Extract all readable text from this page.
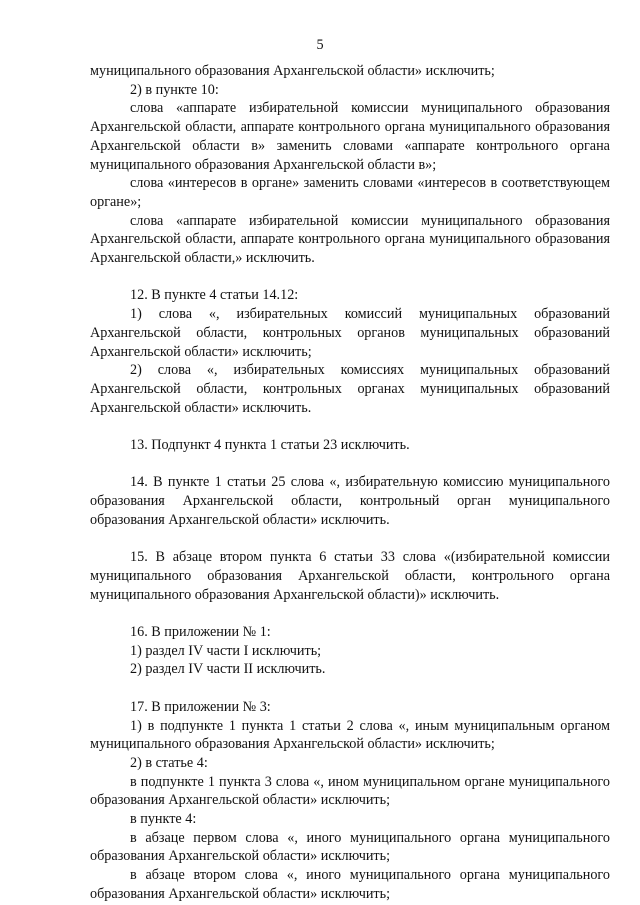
5

муниципального образования Архангельской области» исключить;

2) в пункте 10:

слова «аппарате избирательной комиссии муниципального образования Архангельской области, аппарате контрольного органа муниципального образования Архангельской области в» заменить словами «аппарате контрольного органа муниципального образования Архангельской области в»;

слова «интересов в органе» заменить словами «интересов в соответствующем органе»;

слова «аппарате избирательной комиссии муниципального образования Архангельской области, аппарате контрольного органа муниципального образования Архангельской области,» исключить.

12. В пункте 4 статьи 14.12:

1) слова «, избирательных комиссий муниципальных образований Архангельской области, контрольных органов муниципальных образований Архангельской области» исключить;

2) слова «, избирательных комиссиях муниципальных образований Архангельской области, контрольных органах муниципальных образований Архангельской области» исключить.

13. Подпункт 4 пункта 1 статьи 23 исключить.

14. В пункте 1 статьи 25 слова «, избирательную комиссию муниципального образования Архангельской области, контрольный орган муниципального образования Архангельской области» исключить.

15. В абзаце втором пункта 6 статьи 33 слова «(избирательной комиссии муниципального образования Архангельской области, контрольного органа муниципального образования Архангельской области)» исключить.

16. В приложении № 1:

1) раздел IV части I исключить;

2) раздел IV части II исключить.

17. В приложении № 3:

1) в подпункте 1 пункта 1 статьи 2 слова «, иным муниципальным органом муниципального образования Архангельской области» исключить;

2) в статье 4:

в подпункте 1 пункта 3 слова «, ином муниципальном органе муниципального образования Архангельской области» исключить;

в пункте 4:

в абзаце первом слова «, иного муниципального органа муниципального образования Архангельской области» исключить;

в абзаце втором слова «, иного муниципального органа муниципального образования Архангельской области» исключить;
